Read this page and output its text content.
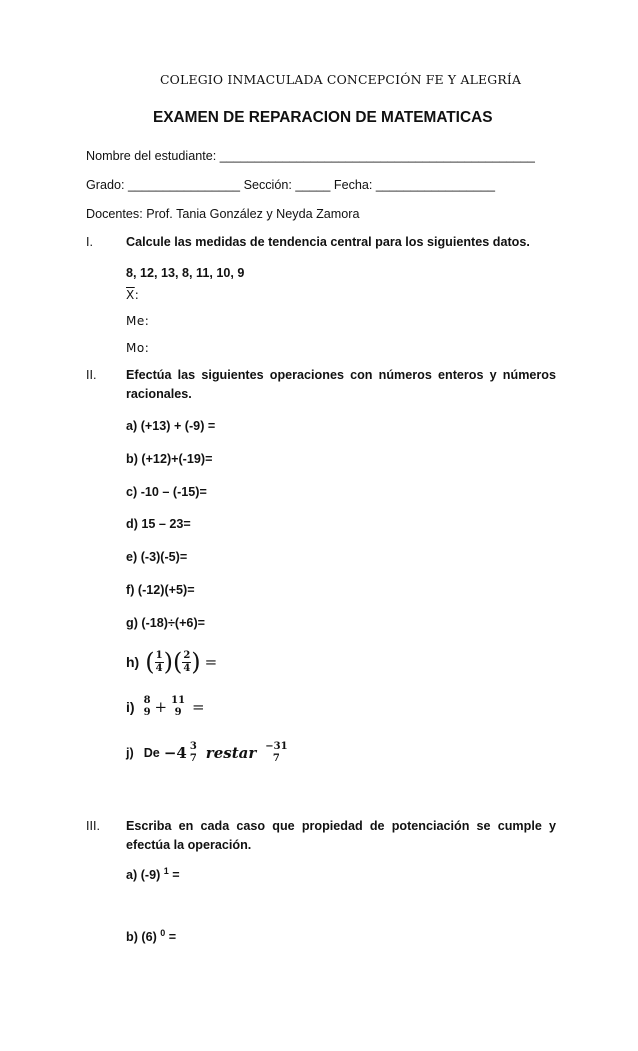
COLEGIO INMACULADA CONCEPCIÓN FE Y ALEGRÍA
EXAMEN DE REPARACION DE MATEMATICAS
Nombre del estudiante: _____________________________________________
Grado: ________________ Sección: _____ Fecha: _________________
Docentes: Prof. Tania González y Neyda Zamora
I.	Calcule las medidas de tendencia central para los siguientes datos.
8, 12, 13, 8, 11, 10, 9
$\overline{X}$:
Me:
Mo:
II. Efectúa las siguientes operaciones con números enteros y números racionales.
a) (+13) + (-9) =
b) (+12)+(-19)=
c) -10 – (-15)=
d) 15 – 23=
e) (-3)(-5)=
f) (-12)(+5)=
g) (-18)÷(+6)=
h) ( $\frac{1}{4}$ ) ( $\frac{2}{4}$ ) =
i) 8
9 + 11
9 =
j) De −4 3
7 restar −31
7
III. Escriba en cada caso que propiedad de potenciación se cumple y efectúa la operación.
a) (-9) $^1$ =
b) (6) $^0$ =
